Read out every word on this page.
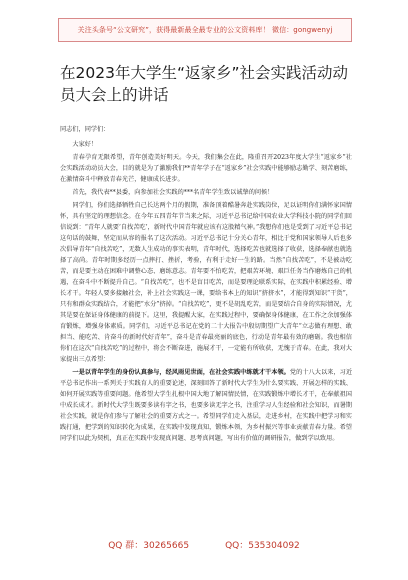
关注头条号“公文研究”，获得最新最全最专业的公文资料库！ 微信：gongwenyj
在2023年大学生“返家乡”社会实践活动动员大会上的讲话

同志们，同学们：

大家好！

青春孕育无限希望，青年创造美好明天。今天，我们集会在此，隆重召开2023年度大学生“返家乡”社会实践活动动员大会，目的就是为了激励我们**青年学子在“返家乡”社会实践中能够励志勤学、刻苦磨练，在激情奋斗中释放青春光芒，健康成长进步。

首先，我代表**县委，向参加社会实践的***名青年学生致以诚挚的问候！

同学们，你们选择牺牲自己长达两个月的假期，准备顶着酷暑奔赴实践岗位，足以证明你们满怀家国情怀，具有坚定的理想信念。在今年五四青年节当来之际，习近平总书记给中国农业大学科技小院的同学们回信说到：“青年人就要‘自找苦吃’，新时代中国青年就应该有这股精气神。”我想你们也是受到了习近平总书记这句话的鼓舞，坚定而从容的报名了这次活动。习近平总书记十分关心青年，相比于党和国家领导人后也多次倡导青年“自找苦吃”，无数人生成功的事实表明，青年时代，选择吃苦也就选择了收获，选择奉献也就选择了高尚。青年时期多经历一点摔打、挫折，考验，有利于走好一生的路。当然“自找苦吃”，不是被动吃苦，而是要主动在困难中调整心态、磨练意志。青年要不怕吃苦，把艰苦环境、艰巨任务当作磨炼自己的机遇，在奋斗中不断提升自己。“自找苦吃”，也不是盲目吃苦，而是要理论联系实际，在实践中积累经验、增长才干。年轻人要多接触社会，补上社会实践这一课，要给书本上的知识“挤挤水”，才能得到知识“干货”，只有和群众实践结合，才能把“水分”挤掉。“自找苦吃”，更不是胡乱吃苦，而是要结合自身的实际情况，尤其是要在保证身体健康的前提下。这里，我提醒大家，在实践过程中，要确保身体健康，在工作之余加强体育锻炼，增强身体素质。同学们，习近平总书记在党的二十大报告中殷切期望广大青年“立志做有理想、敢担当、能吃苦、肯奋斗的新时代好青年”，奋斗是青春最亮丽的底色，行动是青年最有效的磨砺。我也相信你们在这次“自找苦吃”的过程中，将会不断奋进，施展才干，一定能有所收获，无愧于青春。在此，我对大家提出三点希望：

一是以青年学生的身份认真参与，经风雨见世面，在社会实践中练就才干本领。党的十八大以来，习近平总书记作出一系列关于实践育人的重要论述，深刻回答了新时代大学生为什么要实践、开展怎样的实践、如何开展实践等重要问题。他希望大学生扎根中国大地了解国情民情，在实践锻炼中增长才干，在奉献祖国中成长成才。新时代大学生既要多读有字之书，也要多读无字之书，注重学习人生经验和社会知识，而暑期社会实践，就是你们参与了解社会的重要方式之一。希望同学们走入基层，走进乡村，在实践中把学习和实践打通，把学到的知识转化为成果，在实践中发现真知，锻炼本领，为乡村振兴等事业贡献青春力量。希望同学们以此为契机，真正在实践中发现真问题、思考真问题，写出有价值的调研报告，做到学以致用。

QQ 群：30265665	QQ：535304092
